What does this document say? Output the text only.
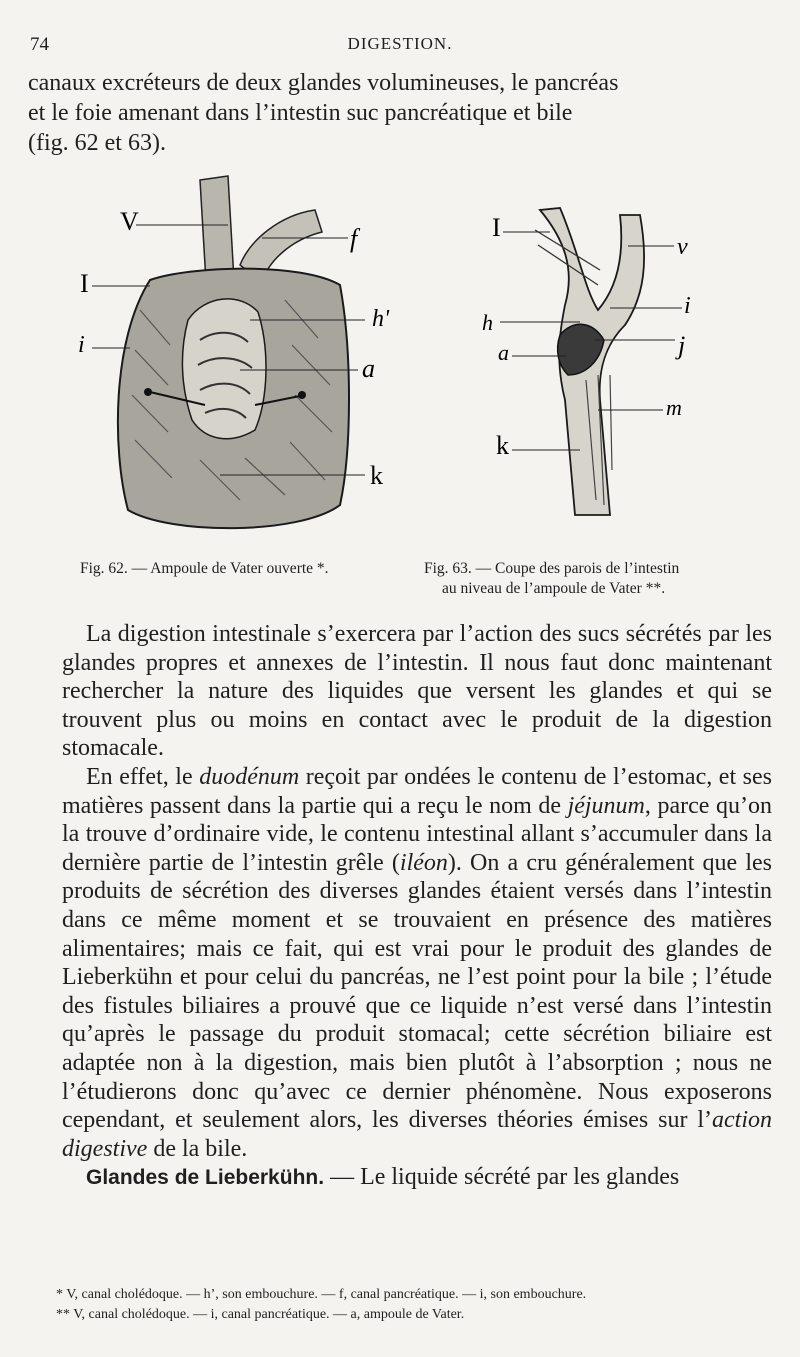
74	DIGESTION.
canaux excréteurs de deux glandes volumineuses, le pancréas
et le foie amenant dans l’intestin suc pancréatique et bile
(fig. 62 et 63).
V
f
I
h'
i
a
k
I
v
i
h
j
a
m
k
Fig. 62. — Ampoule de Vater ouverte *.	Fig. 63. — Coupe des parois de l’intestin
au niveau de l’ampoule de Vater **.

La digestion intestinale s’exercera par l’action des sucs sécrétés par les glandes propres et annexes de l’intestin. Il nous faut donc maintenant rechercher la nature des liquides que versent les glandes et qui se trouvent plus ou moins en contact avec le produit de la digestion stomacale.

En effet, le duodénum reçoit par ondées le contenu de l’estomac, et ses matières passent dans la partie qui a reçu le nom de jéjunum, parce qu’on la trouve d’ordinaire vide, le contenu intestinal allant s’accumuler dans la dernière partie de l’intestin grêle (iléon). On a cru généralement que les produits de sécrétion des diverses glandes étaient versés dans l’intestin dans ce même moment et se trouvaient en présence des matières alimentaires; mais ce fait, qui est vrai pour le produit des glandes de Lieberkühn et pour celui du pancréas, ne l’est point pour la bile ; l’étude des fistules biliaires a prouvé que ce liquide n’est versé dans l’intestin qu’après le passage du produit stomacal; cette sécrétion biliaire est adaptée non à la digestion, mais bien plutôt à l’absorption ; nous ne l’étudierons donc qu’avec ce dernier phénomène. Nous exposerons cependant, et seulement alors, les diverses théories émises sur l’action digestive de la bile.

Glandes de Lieberkühn. — Le liquide sécrété par les glandes

* V, canal cholédoque. — h’, son embouchure. — f, canal pancréatique. — i, son embouchure.
** V, canal cholédoque. — i, canal pancréatique. — a, ampoule de Vater.
